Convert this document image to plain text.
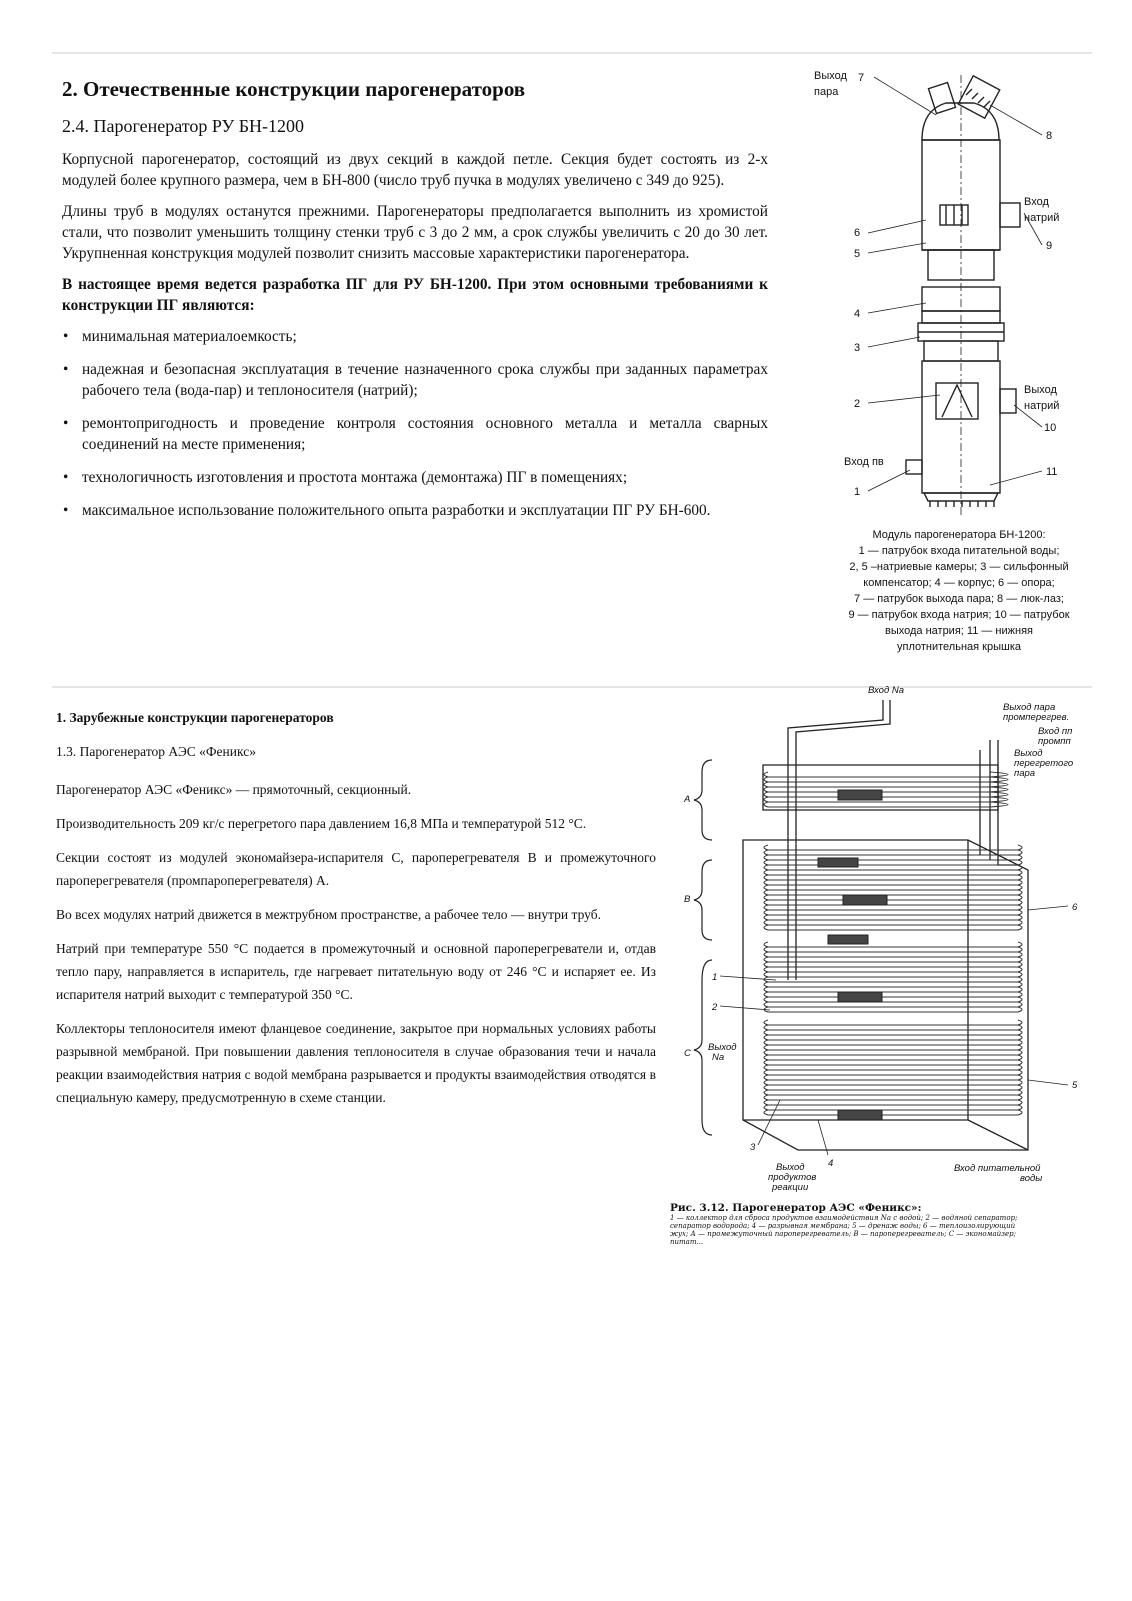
2. Отечественные конструкции парогенераторов
2.4. Парогенератор РУ БН-1200

Корпусной парогенератор, состоящий из двух секций в каждой петле. Секция будет состоять из 2-х модулей более крупного размера, чем в БН-800 (число труб пучка в модулях увеличено с 349 до 925).

Длины труб в модулях останутся прежними. Парогенераторы предполагается выполнить из хромистой стали, что позволит уменьшить толщину стенки труб с 3 до 2 мм, а срок службы увеличить с 20 до 30 лет. Укрупненная конструкция модулей позволит снизить массовые характеристики парогенератора.

В настоящее время ведется разработка ПГ для РУ БН-1200. При этом основными требованиями к конструкции ПГ являются:

• минимальная материалоемкость;
• надежная и безопасная эксплуатация в течение назначенного срока службы при заданных параметрах рабочего тела (вода-пар) и теплоносителя (натрий);
• ремонтопригодность и проведение контроля состояния основного металла и металла сварных соединений на месте применения;
• технологичность изготовления и простота монтажа (демонтажа) ПГ в помещениях;
• максимальное использование положительного опыта разработки и эксплуатации ПГ РУ БН-600.
Выход
пара
7
8
Вход
натрий
9
6
5
4
3
2
Выход
натрий
10
Вход пв
1
11
Модуль парогенератора БН-1200:
1 — патрубок входа питательной воды;
2, 5 –натриевые камеры; 3 — сильфонный
компенсатор; 4 — корпус; 6 — опора;
7 — патрубок выхода пара; 8 — люк-лаз;
9 — патрубок входа натрия; 10 — патрубок
выхода натрия; 11 — нижняя
уплотнительная крышка
1. Зарубежные конструкции парогенераторов
1.3. Парогенератор АЭС «Феникс»

Парогенератор АЭС «Феникс» — прямоточный, секционный.

Производительность 209 кг/с перегретого пара давлением 16,8 МПа и температурой 512 °С.

Секции состоят из модулей экономайзера-испарителя С, пароперегревателя В и промежуточного пароперегревателя (промпароперегревателя) А.

Во всех модулях натрий движется в межтрубном пространстве, а рабочее тело — внутри труб.

Натрий при температуре 550 °С подается в промежуточный и основной пароперегреватели и, отдав тепло пару, направляется в испаритель, где нагревает питательную воду от 246 °С и испаряет ее. Из испарителя натрий выходит с температурой 350 °С.

Коллекторы теплоносителя имеют фланцевое соединение, закрытое при нормальных условиях работы разрывной мембраной. При повышении давления теплоносителя в случае образования течи и начала реакции взаимодействия натрия с водой мембрана разрывается и продукты взаимодействия отводятся в специальную камеру, предусмотренную в схеме станции.

Вход Na
Выход пара
промперегрев.
Вход пп
промпп
Выход
перегретого
пара
A
B
C
Выход
Na
1
2
3
4
5
6
Выход
продуктов
реакции
Вход питательной
воды
Рис. 3.12. Парогенератор АЭС «Феникс»:
1 — коллектор для сброса продуктов взаимодействия Na с водой; 2 — водяной сепаратор;
сепаратор водорода; 4 — разрывная мембрана; 5 — дренаж воды; 6 — теплоизолирующий
жух; А — промежуточный пароперегреватель; В — пароперегреватель; С — экономайзер;
питат...
